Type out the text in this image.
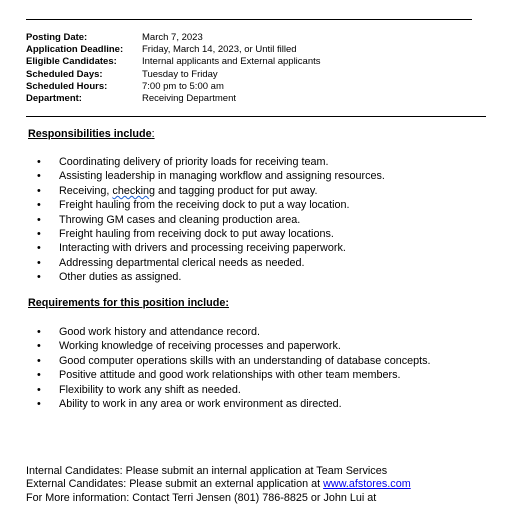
Posting Date:	March 7, 2023
Application Deadline:	Friday, March 14, 2023, or Until filled
Eligible Candidates:	Internal applicants and External applicants
Scheduled Days:	Tuesday to Friday
Scheduled Hours:	7:00 pm to 5:00 am
Department:	Receiving Department
Responsibilities include:
• Coordinating delivery of priority loads for receiving team.
• Assisting leadership in managing workflow and assigning resources.
• Receiving, checking and tagging product for put away.
• Freight hauling from the receiving dock to put a way location.
• Throwing GM cases and cleaning production area.
• Freight hauling from receiving dock to put away locations.
• Interacting with drivers and processing receiving paperwork.
• Addressing departmental clerical needs as needed.
• Other duties as assigned.
Requirements for this position include:
• Good work history and attendance record.
• Working knowledge of receiving processes and paperwork.
• Good computer operations skills with an understanding of database concepts.
• Positive attitude and good work relationships with other team members.
• Flexibility to work any shift as needed.
• Ability to work in any area or work environment as directed.
Internal Candidates: Please submit an internal application at Team Services
External Candidates: Please submit an external application at www.afstores.com
For More information: Contact Terri Jensen (801) 786-8825 or John Lui at
